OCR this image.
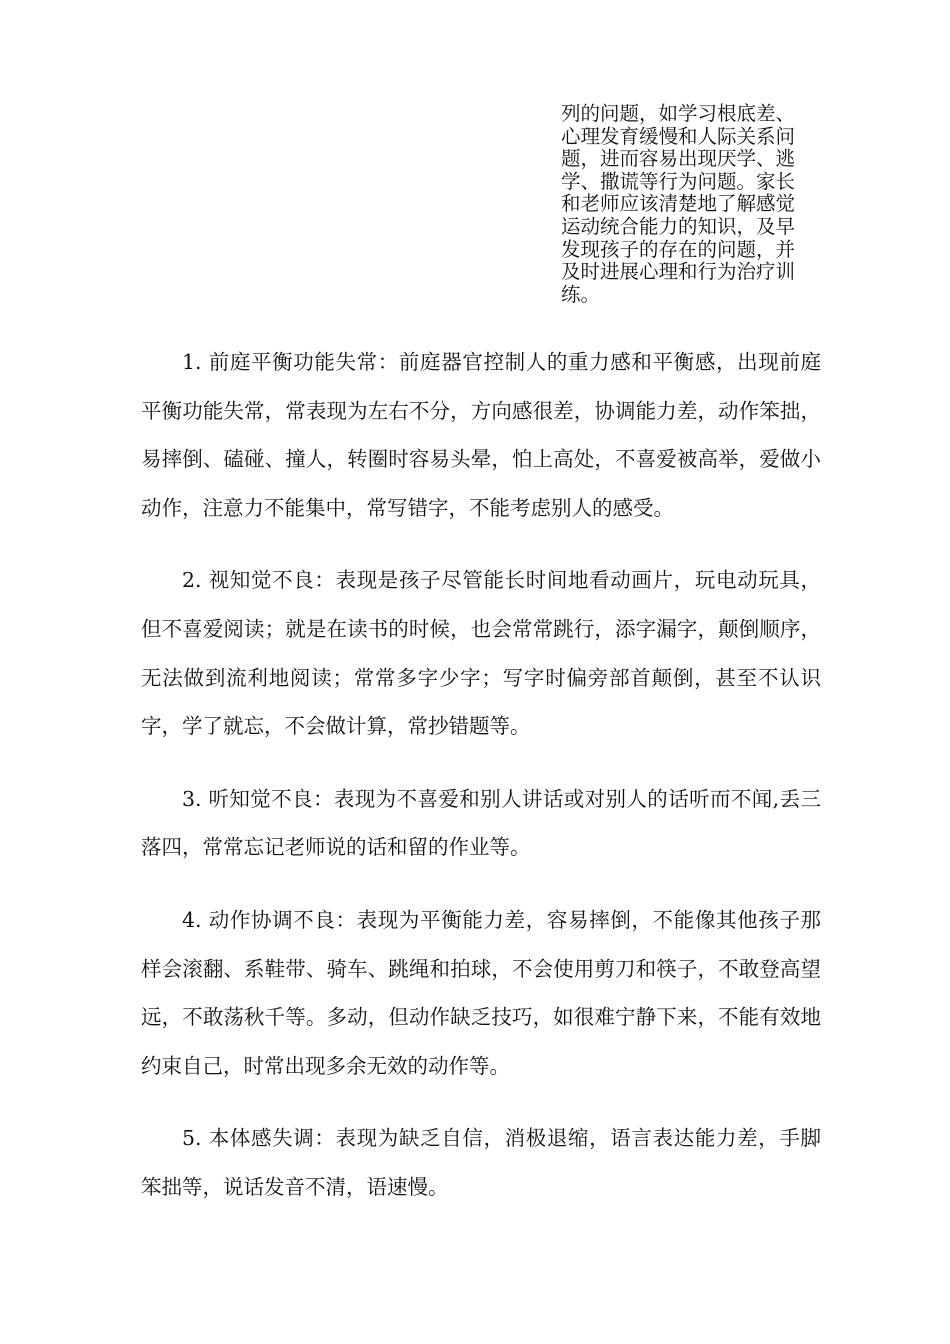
列的问题，如学习根底差、
心理发育缓慢和人际关系问
题，进而容易出现厌学、逃
学、撒谎等行为问题。家长
和老师应该清楚地了解感觉
运动统合能力的知识，及早
发现孩子的存在的问题，并
及时进展心理和行为治疗训
练。

1. 前庭平衡功能失常：前庭器官控制人的重力感和平衡感，出现前庭平衡功能失常，常表现为左右不分，方向感很差，协调能力差，动作笨拙，易摔倒、磕碰、撞人，转圈时容易头晕，怕上高处，不喜爱被高举，爱做小动作，注意力不能集中，常写错字，不能考虑别人的感受。

2. 视知觉不良：表现是孩子尽管能长时间地看动画片，玩电动玩具，但不喜爱阅读；就是在读书的时候，也会常常跳行，添字漏字，颠倒顺序，无法做到流利地阅读；常常多字少字；写字时偏旁部首颠倒，甚至不认识字，学了就忘，不会做计算，常抄错题等。

3. 听知觉不良：表现为不喜爱和别人讲话或对别人的话听而不闻,丢三落四，常常忘记老师说的话和留的作业等。

4. 动作协调不良：表现为平衡能力差，容易摔倒，不能像其他孩子那样会滚翻、系鞋带、骑车、跳绳和拍球，不会使用剪刀和筷子，不敢登高望远，不敢荡秋千等。多动，但动作缺乏技巧，如很难宁静下来，不能有效地约束自己，时常出现多余无效的动作等。

5. 本体感失调：表现为缺乏自信，消极退缩，语言表达能力差，手脚笨拙等，说话发音不清，语速慢。
